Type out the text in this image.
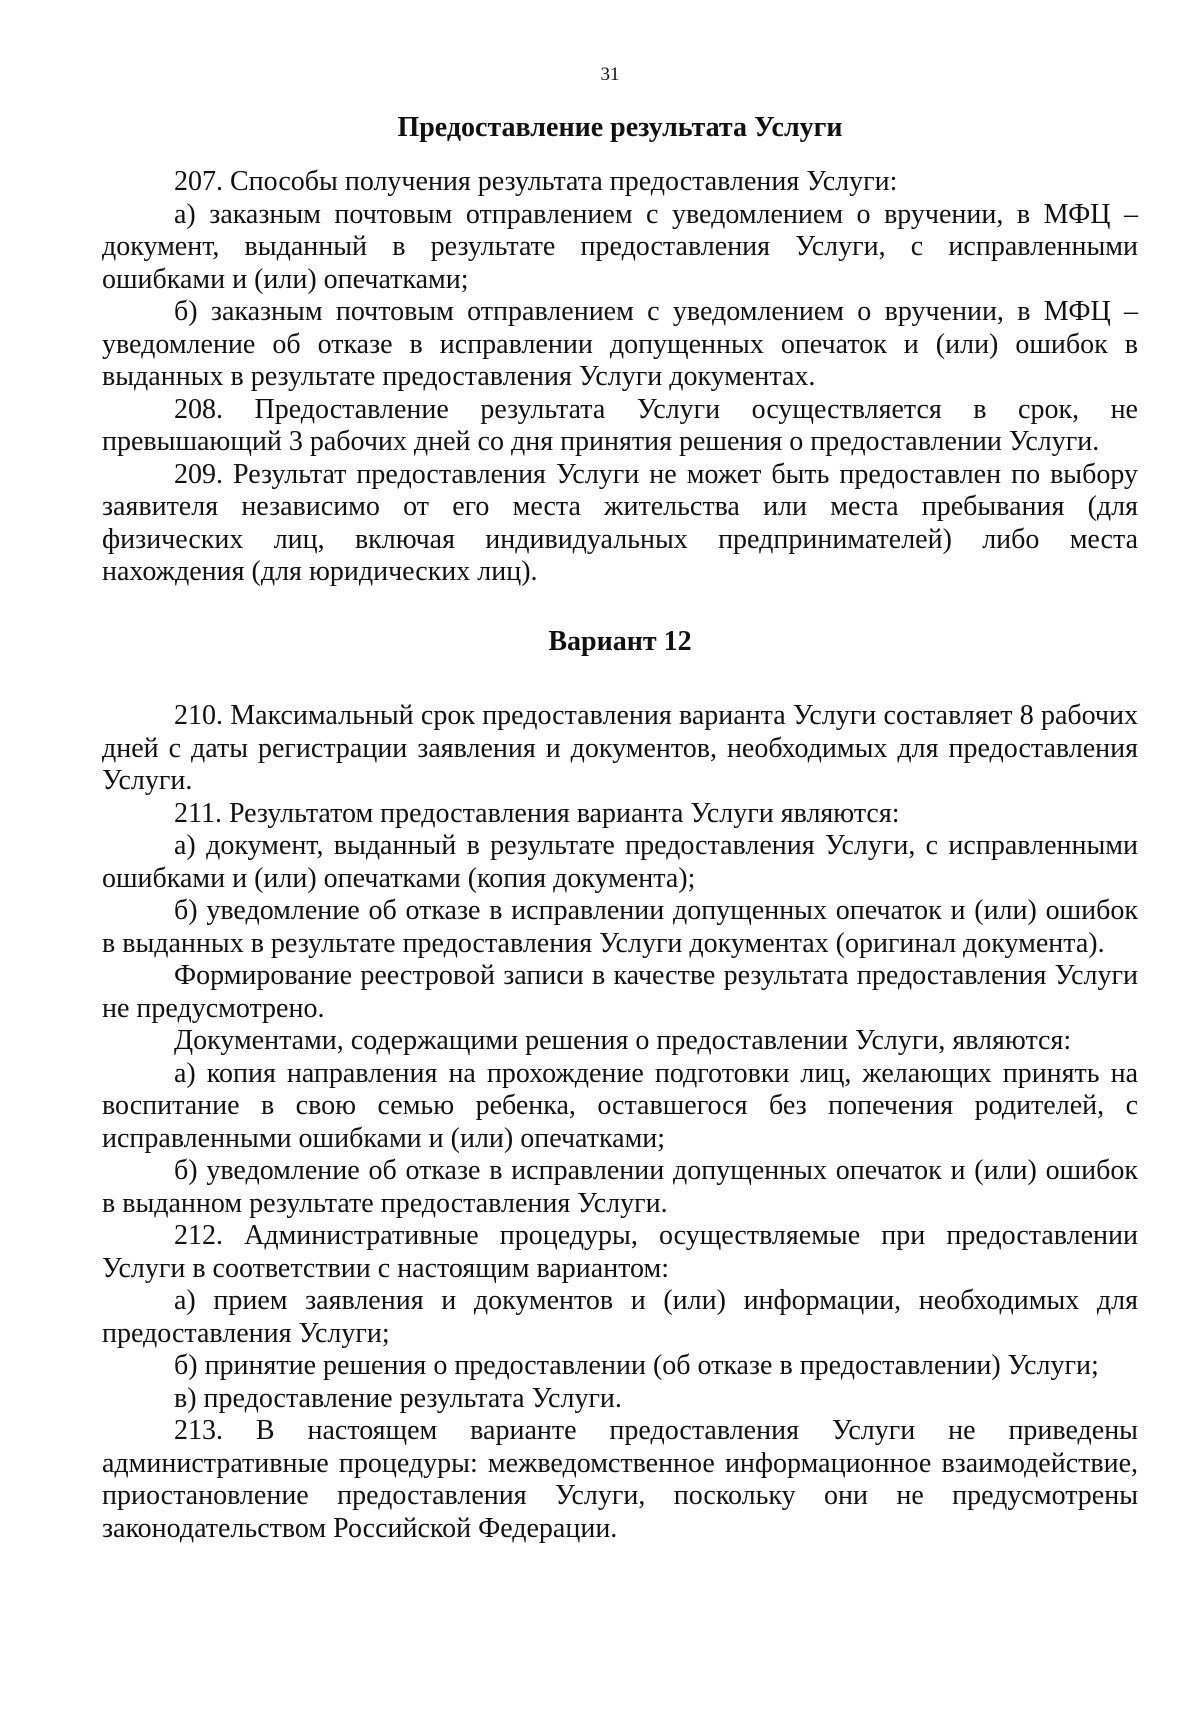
31
Предоставление результата Услуги

207. Способы получения результата предоставления Услуги:

а) заказным почтовым отправлением с уведомлением о вручении, в МФЦ – документ, выданный в результате предоставления Услуги, с исправленными ошибками и (или) опечатками;

б) заказным почтовым отправлением с уведомлением о вручении, в МФЦ – уведомление об отказе в исправлении допущенных опечаток и (или) ошибок в выданных в результате предоставления Услуги документах.

208. Предоставление результата Услуги осуществляется в срок, не превышающий 3 рабочих дней со дня принятия решения о предоставлении Услуги.

209. Результат предоставления Услуги не может быть предоставлен по выбору заявителя независимо от его места жительства или места пребывания (для физических лиц, включая индивидуальных предпринимателей) либо места нахождения (для юридических лиц).

Вариант 12

210. Максимальный срок предоставления варианта Услуги составляет 8 рабочих дней с даты регистрации заявления и документов, необходимых для предоставления Услуги.

211. Результатом предоставления варианта Услуги являются:

а) документ, выданный в результате предоставления Услуги, с исправленными ошибками и (или) опечатками (копия документа);

б) уведомление об отказе в исправлении допущенных опечаток и (или) ошибок в выданных в результате предоставления Услуги документах (оригинал документа).

Формирование реестровой записи в качестве результата предоставления Услуги не предусмотрено.

Документами, содержащими решения о предоставлении Услуги, являются:

а) копия направления на прохождение подготовки лиц, желающих принять на воспитание в свою семью ребенка, оставшегося без попечения родителей, с исправленными ошибками и (или) опечатками;

б) уведомление об отказе в исправлении допущенных опечаток и (или) ошибок в выданном результате предоставления Услуги.

212. Административные процедуры, осуществляемые при предоставлении Услуги в соответствии с настоящим вариантом:

а) прием заявления и документов и (или) информации, необходимых для предоставления Услуги;

б) принятие решения о предоставлении (об отказе в предоставлении) Услуги;

в) предоставление результата Услуги.

213. В настоящем варианте предоставления Услуги не приведены административные процедуры: межведомственное информационное взаимодействие, приостановление предоставления Услуги, поскольку они не предусмотрены законодательством Российской Федерации.
